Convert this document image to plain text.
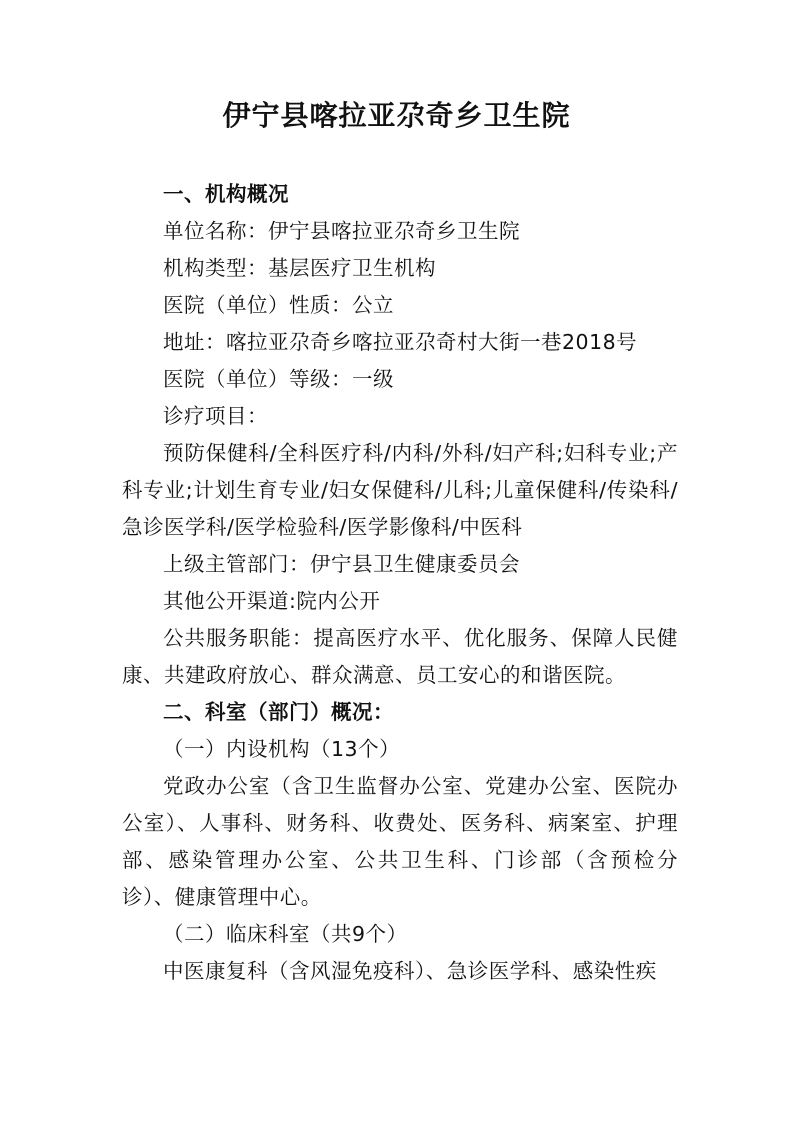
伊宁县喀拉亚尕奇乡卫生院

一、机构概况

单位名称：伊宁县喀拉亚尕奇乡卫生院

机构类型：基层医疗卫生机构

医院（单位）性质：公立

地址：喀拉亚尕奇乡喀拉亚尕奇村大街一巷2018号

医院（单位）等级：一级

诊疗项目：

预防保健科/全科医疗科/内科/外科/妇产科;妇科专业;产科专业;计划生育专业/妇女保健科/儿科;儿童保健科/传染科/急诊医学科/医学检验科/医学影像科/中医科

上级主管部门：伊宁县卫生健康委员会

其他公开渠道:院内公开

公共服务职能：提高医疗水平、优化服务、保障人民健康、共建政府放心、群众满意、员工安心的和谐医院。

二、科室（部门）概况：

（一）内设机构（13个）

党政办公室（含卫生监督办公室、党建办公室、医院办公室）、人事科、财务科、收费处、医务科、病案室、护理部、感染管理办公室、公共卫生科、门诊部（含预检分诊）、健康管理中心。

（二）临床科室（共9个）

中医康复科（含风湿免疫科）、急诊医学科、感染性疾
